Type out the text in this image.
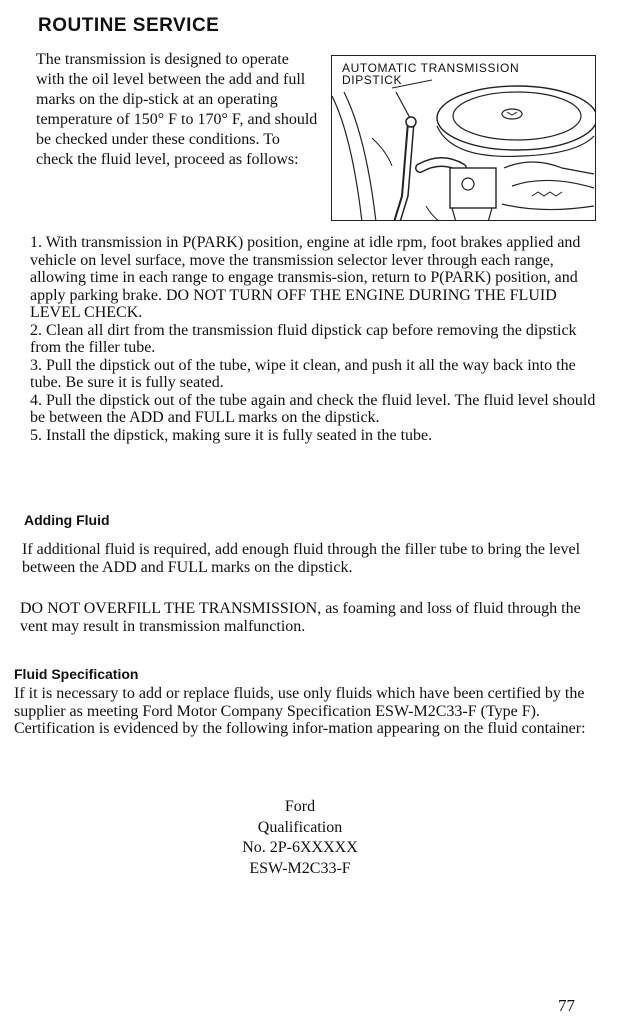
ROUTINE SERVICE
The transmission is designed to operate with the oil level between the add and full marks on the dip-stick at an operating temperature of 150° F to 170° F, and should be checked under these conditions. To check the fluid level, proceed as follows:
AUTOMATIC TRANSMISSION
DIPSTICK

1. With transmission in P(PARK) position, engine at idle rpm, foot brakes applied and vehicle on level surface, move the transmission selector lever through each range, allowing time in each range to engage transmis-sion, return to P(PARK) position, and apply parking brake. DO NOT TURN OFF THE ENGINE DURING THE FLUID LEVEL CHECK.

2. Clean all dirt from the transmission fluid dipstick cap before removing the dipstick from the filler tube.

3. Pull the dipstick out of the tube, wipe it clean, and push it all the way back into the tube. Be sure it is fully seated.

4. Pull the dipstick out of the tube again and check the fluid level. The fluid level should be between the ADD and FULL marks on the dipstick.

5. Install the dipstick, making sure it is fully seated in the tube.

Adding Fluid
If additional fluid is required, add enough fluid through the filler tube to bring the level between the ADD and FULL marks on the dipstick.
DO NOT OVERFILL THE TRANSMISSION, as foaming and loss of fluid through the vent may result in transmission malfunction.
Fluid Specification
If it is necessary to add or replace fluids, use only fluids which have been certified by the supplier as meeting Ford Motor Company Specification ESW-M2C33-F (Type F). Certification is evidenced by the following infor-mation appearing on the fluid container:
Ford
Qualification
No. 2P-6XXXXX
ESW-M2C33-F
77
